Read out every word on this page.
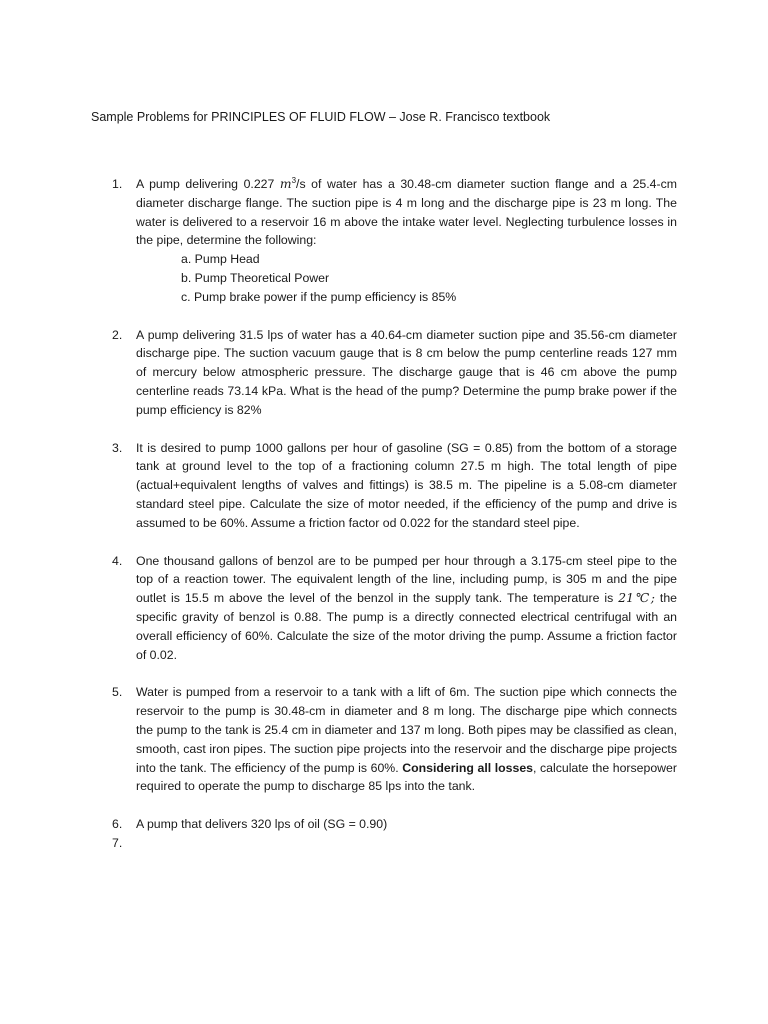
Sample Problems for PRINCIPLES OF FLUID FLOW – Jose R. Francisco textbook
1.	A pump delivering 0.227 $m^3/s$ of water has a 30.48-cm diameter suction flange and a 25.4-cm diameter discharge flange. The suction pipe is 4 m long and the discharge pipe is 23 m long. The water is delivered to a reservoir 16 m above the intake water level. Neglecting turbulence losses in the pipe, determine the following:
a. Pump Head
b. Pump Theoretical Power
c. Pump brake power if the pump efficiency is 85%
2.	A pump delivering 31.5 lps of water has a 40.64-cm diameter suction pipe and 35.56-cm diameter discharge pipe. The suction vacuum gauge that is 8 cm below the pump centerline reads 127 mm of mercury below atmospheric pressure. The discharge gauge that is 46 cm above the pump centerline reads 73.14 kPa. What is the head of the pump? Determine the pump brake power if the pump efficiency is 82%
3.	It is desired to pump 1000 gallons per hour of gasoline (SG = 0.85) from the bottom of a storage tank at ground level to the top of a fractioning column 27.5 m high. The total length of pipe (actual+equivalent lengths of valves and fittings) is 38.5 m. The pipeline is a 5.08-cm diameter standard steel pipe. Calculate the size of motor needed, if the efficiency of the pump and drive is assumed to be 60%. Assume a friction factor od 0.022 for the standard steel pipe.
4.	One thousand gallons of benzol are to be pumped per hour through a 3.175-cm steel pipe to the top of a reaction tower. The equivalent length of the line, including pump, is 305 m and the pipe outlet is 15.5 m above the level of the benzol in the supply tank. The temperature is 21℃; the specific gravity of benzol is 0.88. The pump is a directly connected electrical centrifugal with an overall efficiency of 60%. Calculate the size of the motor driving the pump. Assume a friction factor of 0.02.
5.	Water is pumped from a reservoir to a tank with a lift of 6m. The suction pipe which connects the reservoir to the pump is 30.48-cm in diameter and 8 m long. The discharge pipe which connects the pump to the tank is 25.4 cm in diameter and 137 m long. Both pipes may be classified as clean, smooth, cast iron pipes. The suction pipe projects into the reservoir and the discharge pipe projects into the tank. The efficiency of the pump is 60%. Considering all losses, calculate the horsepower required to operate the pump to discharge 85 lps into the tank.
6.	A pump that delivers 320 lps of oil (SG = 0.90)
7.
